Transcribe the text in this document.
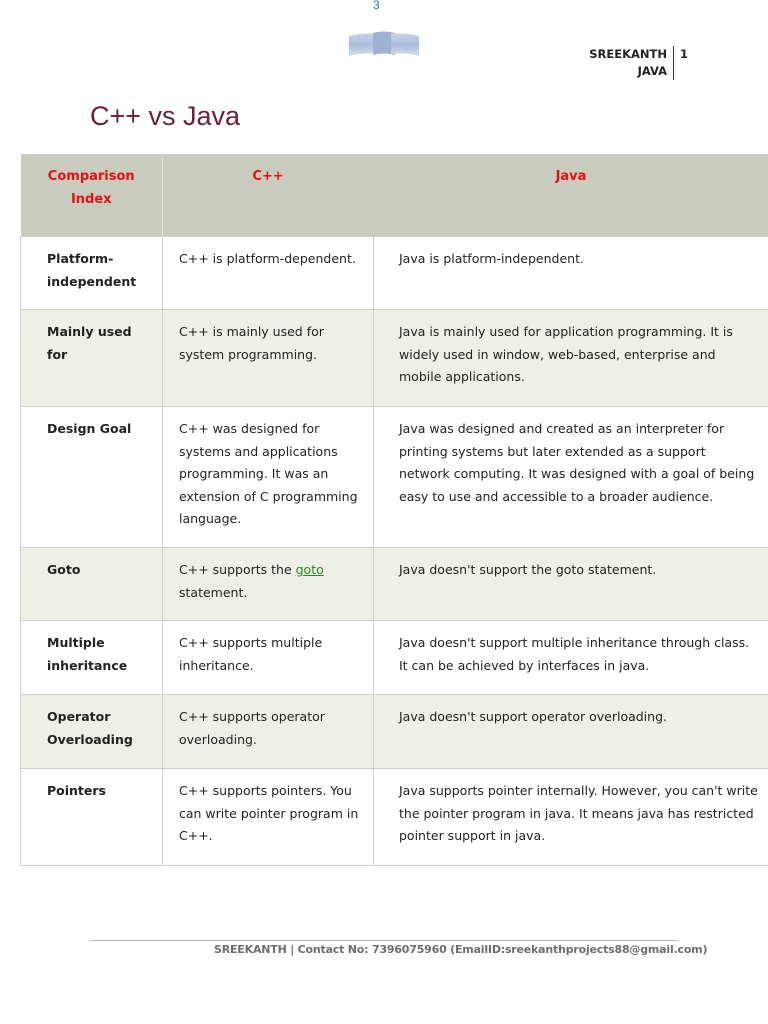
3
SREEKANTH
JAVA
1
C++ vs Java
Comparison Index	C++	Java
Platform-independent	C++ is platform-dependent.	Java is platform-independent.
Mainly used for	C++ is mainly used for system programming.	Java is mainly used for application programming. It is widely used in window, web-based, enterprise and mobile applications.
Design Goal	C++ was designed for systems and applications programming. It was an extension of C programming language.	Java was designed and created as an interpreter for printing systems but later extended as a support network computing. It was designed with a goal of being easy to use and accessible to a broader audience.
Goto	C++ supports the goto statement.	Java doesn't support the goto statement.
Multiple inheritance	C++ supports multiple inheritance.	Java doesn't support multiple inheritance through class. It can be achieved by interfaces in java.
Operator Overloading	C++ supports operator overloading.	Java doesn't support operator overloading.
Pointers	C++ supports pointers. You can write pointer program in C++.	Java supports pointer internally. However, you can't write the pointer program in java. It means java has restricted pointer support in java.
SREEKANTH | Contact No: 7396075960 (EmailID:sreekanthprojects88@gmail.com)
